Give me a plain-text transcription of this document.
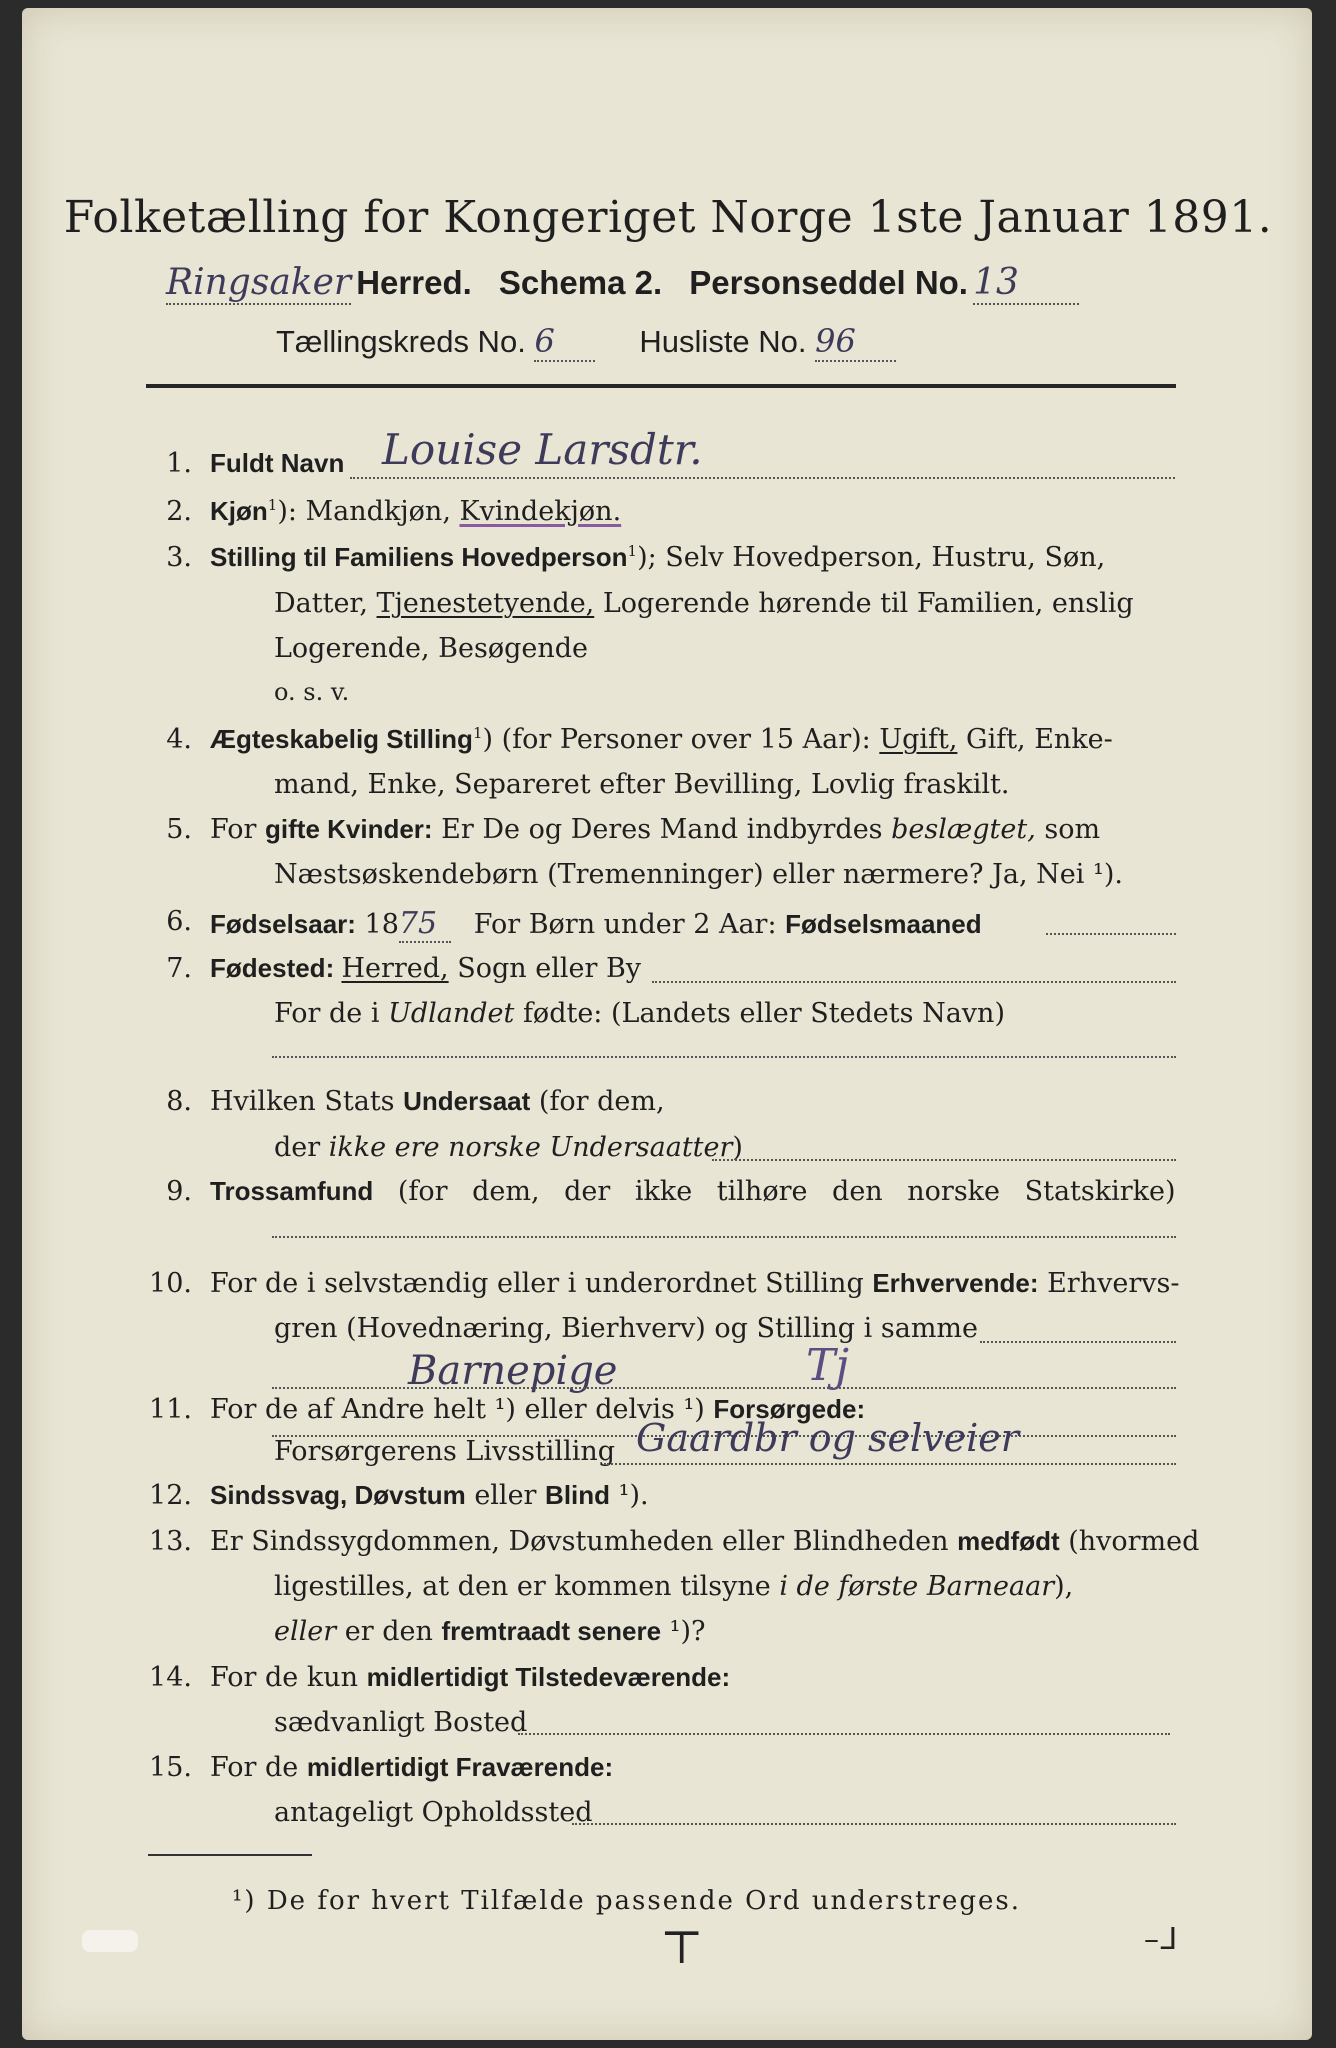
Folketælling for Kongeriget Norge 1ste Januar 1891.
Ringsaker Herred. Schema 2. Personseddel No. 13
Tællingskreds No. 6	Husliste No. 96
1. Fuldt Navn Louise Larsdtr.
2. Kjøn$^1$): Mandkjøn, Kvindekjøn.
3. Stilling til Familiens Hovedperson$^1$); Selv Hovedperson, Hustru, Søn,
Datter, Tjenestetyende, Logerende hørende til Familien, enslig
Logerende, Besøgende
o. s. v.
4. Ægteskabelig Stilling$^1$) (for Personer over 15 Aar): Ugift, Gift, Enke-
mand, Enke, Separeret efter Bevilling, Lovlig fraskilt.
5. For gifte Kvinder: Er De og Deres Mand indbyrdes beslægtet, som
Næstsøskendebørn (Tremenninger) eller nærmere? Ja, Nei ¹).
6. Fødselsaar: 1875 For Børn under 2 Aar: Fødselsmaaned
7. Fødested: Herred, Sogn eller By
For de i Udlandet fødte: (Landets eller Stedets Navn)
8. Hvilken Stats Undersaat (for dem,
der ikke ere norske Undersaatter)
9. Trossamfund (for dem, der ikke tilhøre den norske Statskirke)
10. For de i selvstændig eller i underordnet Stilling Erhvervende: Erhvervs-
gren (Hovednæring, Bierhverv) og Stilling i samme
Barnepige	Tj
11. For de af Andre helt ¹) eller delvis ¹) Forsørgede:
Forsørgerens Livsstilling Gaardbr og selveier
12. Sindssvag, Døvstum eller Blind ¹).
13. Er Sindssygdommen, Døvstumheden eller Blindheden medfødt (hvormed
ligestilles, at den er kommen tilsyne i de første Barneaar),
eller er den fremtraadt senere ¹)?
14. For de kun midlertidigt Tilstedeværende:
sædvanligt Bosted
15. For de midlertidigt Fraværende:
antageligt Opholdssted
¹) De for hvert Tilfælde passende Ord understreges.
⊤	–ᒧ
